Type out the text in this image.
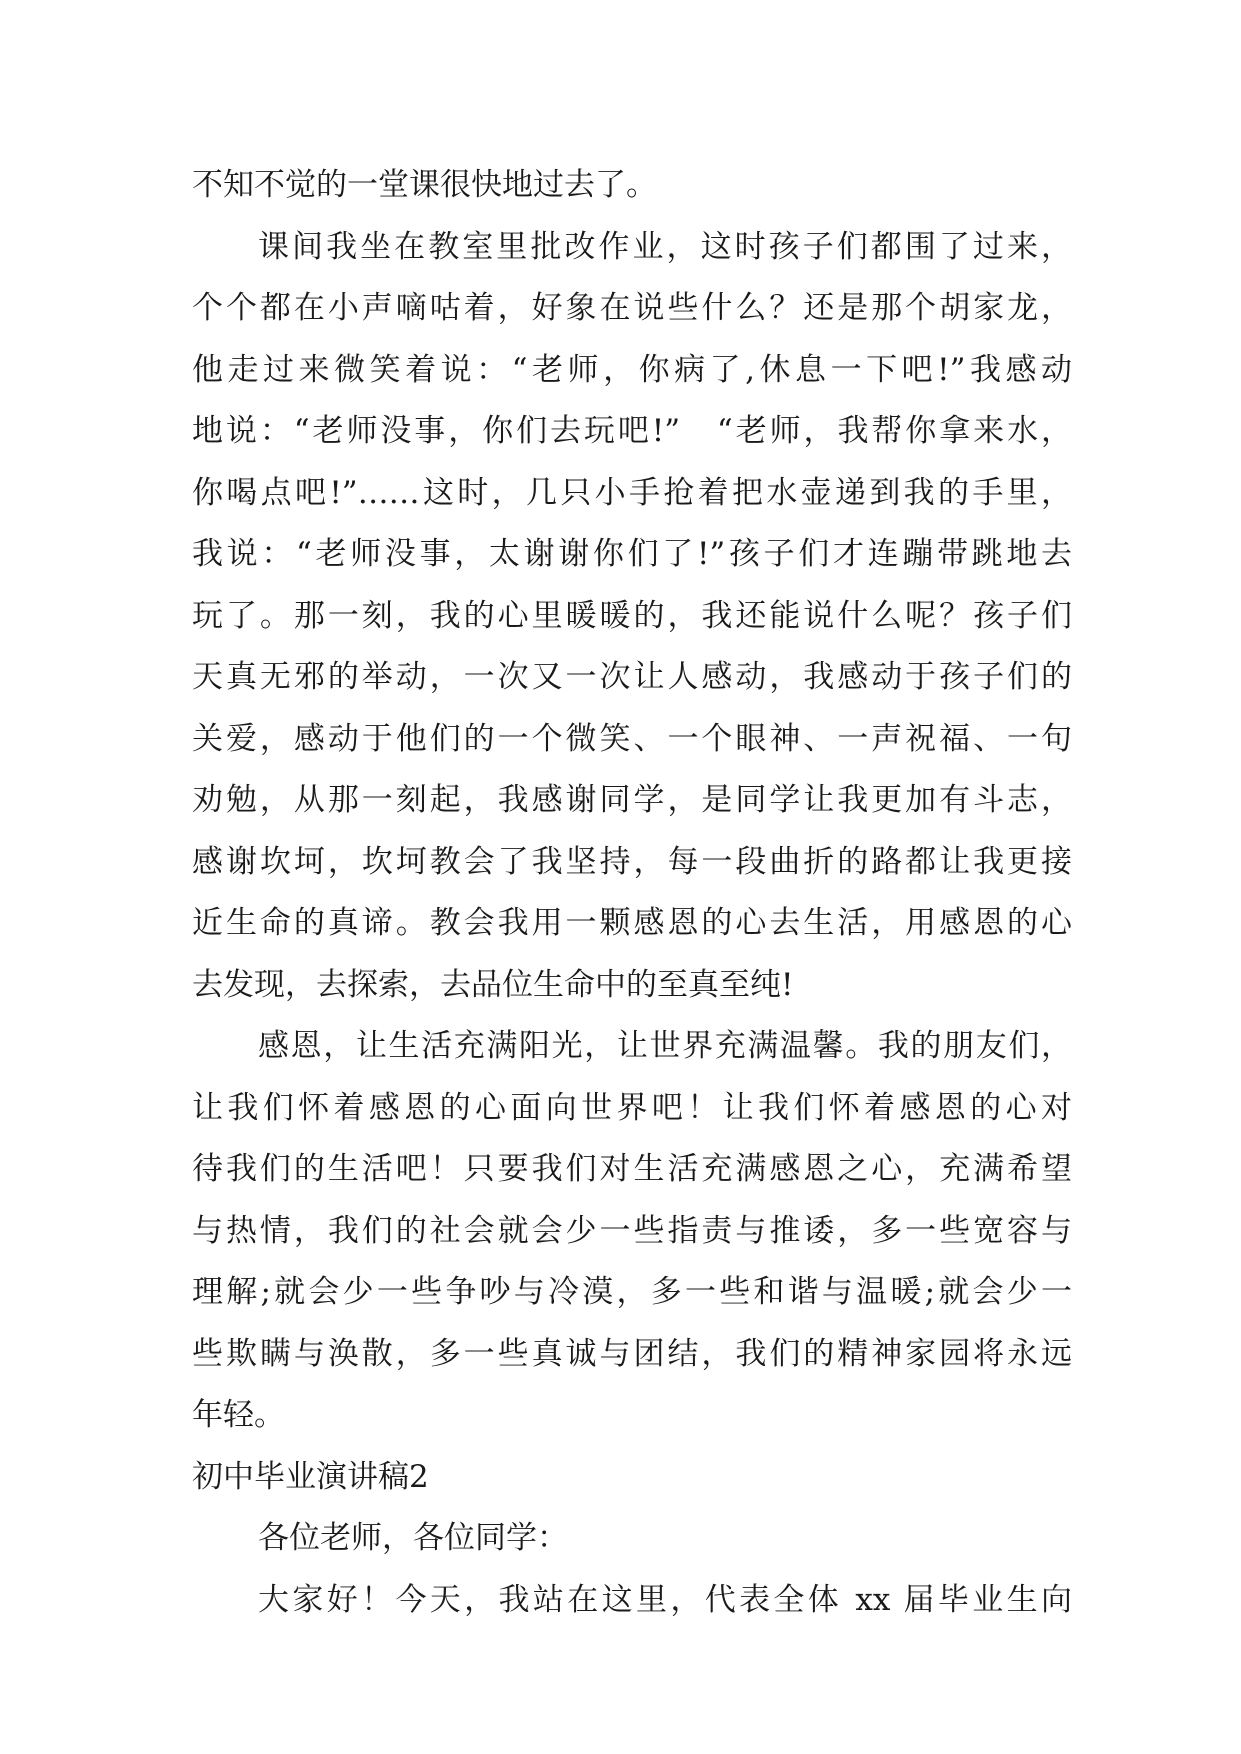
不知不觉的一堂课很快地过去了。
课间我坐在教室里批改作业，这时孩子们都围了过来，
个个都在小声嘀咕着，好象在说些什么？还是那个胡家龙，
他走过来微笑着说：“老师，你病了,休息一下吧!”我感动
地说：“老师没事，你们去玩吧!”　“老师，我帮你拿来水，
你喝点吧!”……这时，几只小手抢着把水壶递到我的手里，
我说：“老师没事，太谢谢你们了!”孩子们才连蹦带跳地去
玩了。那一刻，我的心里暖暖的，我还能说什么呢？孩子们
天真无邪的举动，一次又一次让人感动，我感动于孩子们的
关爱，感动于他们的一个微笑、一个眼神、一声祝福、一句
劝勉，从那一刻起，我感谢同学，是同学让我更加有斗志，
感谢坎坷，坎坷教会了我坚持，每一段曲折的路都让我更接
近生命的真谛。教会我用一颗感恩的心去生活，用感恩的心
去发现，去探索，去品位生命中的至真至纯!
感恩，让生活充满阳光，让世界充满温馨。我的朋友们，
让我们怀着感恩的心面向世界吧！让我们怀着感恩的心对
待我们的生活吧！只要我们对生活充满感恩之心，充满希望
与热情，我们的社会就会少一些指责与推诿，多一些宽容与
理解;就会少一些争吵与冷漠，多一些和谐与温暖;就会少一
些欺瞒与涣散，多一些真诚与团结，我们的精神家园将永远
年轻。
初中毕业演讲稿2
各位老师，各位同学：
大家好！今天，我站在这里，代表全体 xx 届毕业生向
